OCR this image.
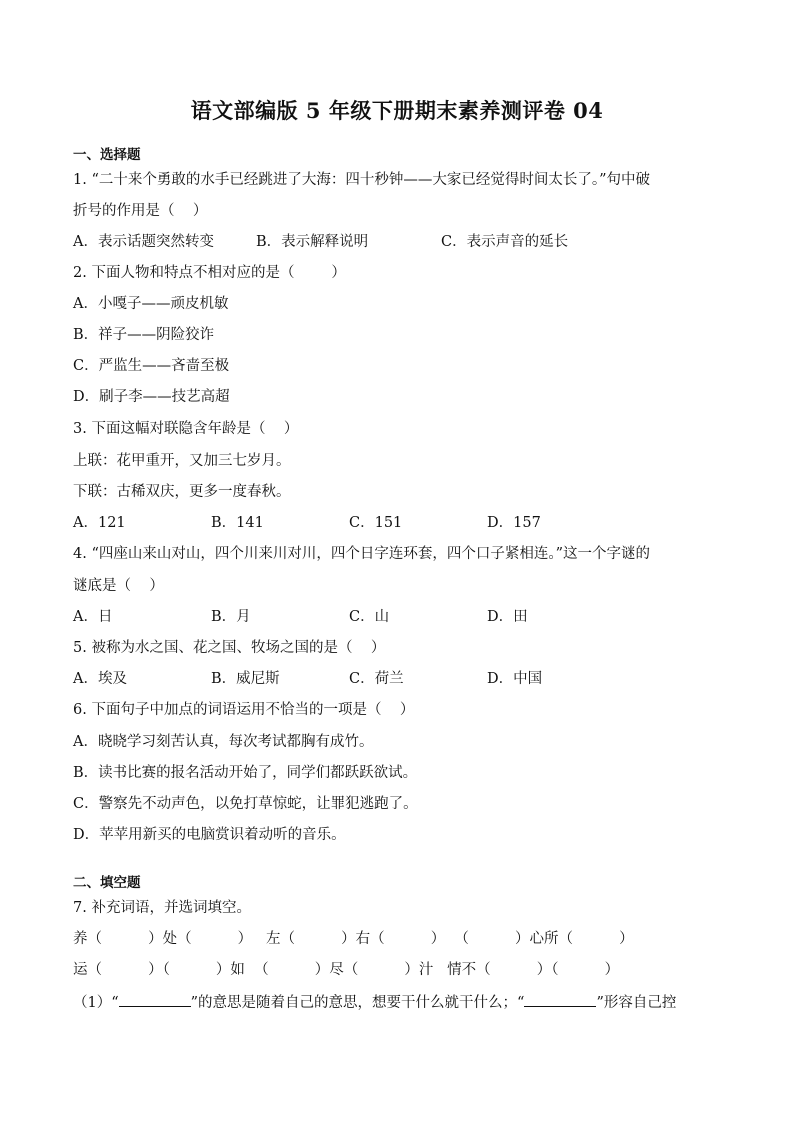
语文部编版 5 年级下册期末素养测评卷 04
一、选择题
1. “二十来个勇敢的水手已经跳进了大海：四十秒钟——大家已经觉得时间太长了。”句中破
折号的作用是（    ）
A．表示话题突然转变	B．表示解释说明	C．表示声音的延长
2. 下面人物和特点不相对应的是（        ）
A．小嘎子——顽皮机敏
B．祥子——阴险狡诈
C．严监生——吝啬至极
D．刷子李——技艺高超
3. 下面这幅对联隐含年龄是（    ）
上联：花甲重开，又加三七岁月。
下联：古稀双庆，更多一度春秋。
A．121	B．141	C．151	D．157
4. “四座山来山对山，四个川来川对川，四个日字连环套，四个口子紧相连。”这一个字谜的
谜底是（    ）
A．日	B．月	C．山	D．田
5. 被称为水之国、花之国、牧场之国的是（    ）
A．埃及	B．威尼斯	C．荷兰	D．中国
6. 下面句子中加点的词语运用不恰当的一项是（    ）
A．晓晓学习刻苦认真，每次考试都胸有成竹。
B．读书比赛的报名活动开始了，同学们都跃跃欲试。
C．警察先不动声色，以免打草惊蛇，让罪犯逃跑了。
D．苹苹用新买的电脑赏识着动听的音乐。
二、填空题
7. 补充词语，并选词填空。
养（          ）处（          ）   左（          ）右（          ）  （          ）心所（          ）
运（          ）（          ）如  （          ）尽（          ）汁   情不（          ）（          ）
（1）“	”的意思是随着自己的意思，想要干什么就干什么；“	”形容自己控
